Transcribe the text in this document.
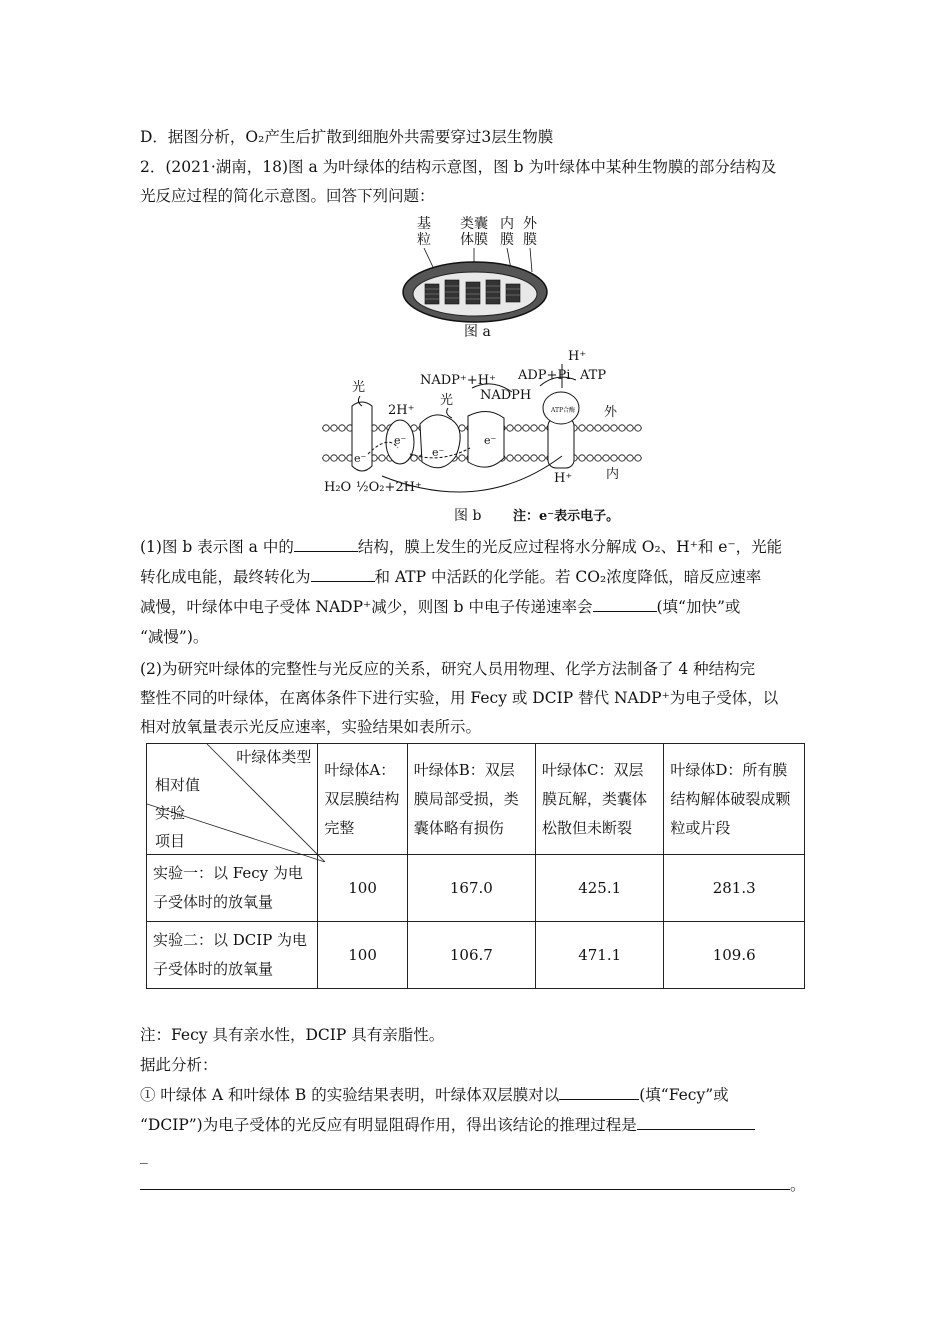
D．据图分析，O₂产生后扩散到细胞外共需要穿过3层生物膜
2．(2021·湖南，18)图 a 为叶绿体的结构示意图，图 b 为叶绿体中某种生物膜的部分结构及
光反应过程的简化示意图。回答下列问题：
基
粒
类囊
体膜
内
膜
外
膜
图 a
光
光
2H⁺
NADP⁺+H⁺
NADPH
ADP+Pi ATP
H⁺
H⁺
外
内
e⁻
e⁻
e⁻
e⁻
H₂O ½O₂+2H⁺
ATP合酶
图 b 注：e⁻表示电子。
(1)图 b 表示图 a 中的	结构，膜上发生的光反应过程将水分解成 O₂、H⁺和 e⁻，光能
转化成电能，最终转化为	和 ATP 中活跃的化学能。若 CO₂浓度降低，暗反应速率
减慢，叶绿体中电子受体 NADP⁺减少，则图 b 中电子传递速率会	(填“加快”或
“减慢”)。
(2)为研究叶绿体的完整性与光反应的关系，研究人员用物理、化学方法制备了 4 种结构完
整性不同的叶绿体，在离体条件下进行实验，用 Fecy 或 DCIP 替代 NADP⁺为电子受体，以
相对放氧量表示光反应速率，实验结果如表所示。
叶绿体类型
相对值
实验
项目	叶绿体A：双层膜结构完整	叶绿体B：双层膜局部受损，类囊体略有损伤	叶绿体C：双层膜瓦解，类囊体松散但未断裂	叶绿体D：所有膜结构解体破裂成颗粒或片段
实验一：以 Fecy 为电子受体时的放氧量	100	167.0	425.1	281.3
实验二：以 DCIP 为电子受体时的放氧量	100	106.7	471.1	109.6
注：Fecy 具有亲水性，DCIP 具有亲脂性。
据此分析：
① 叶绿体 A 和叶绿体 B 的实验结果表明，叶绿体双层膜对以	(填“Fecy”或
“DCIP”)为电子受体的光反应有明显阻碍作用，得出该结论的推理过程是
_
。
